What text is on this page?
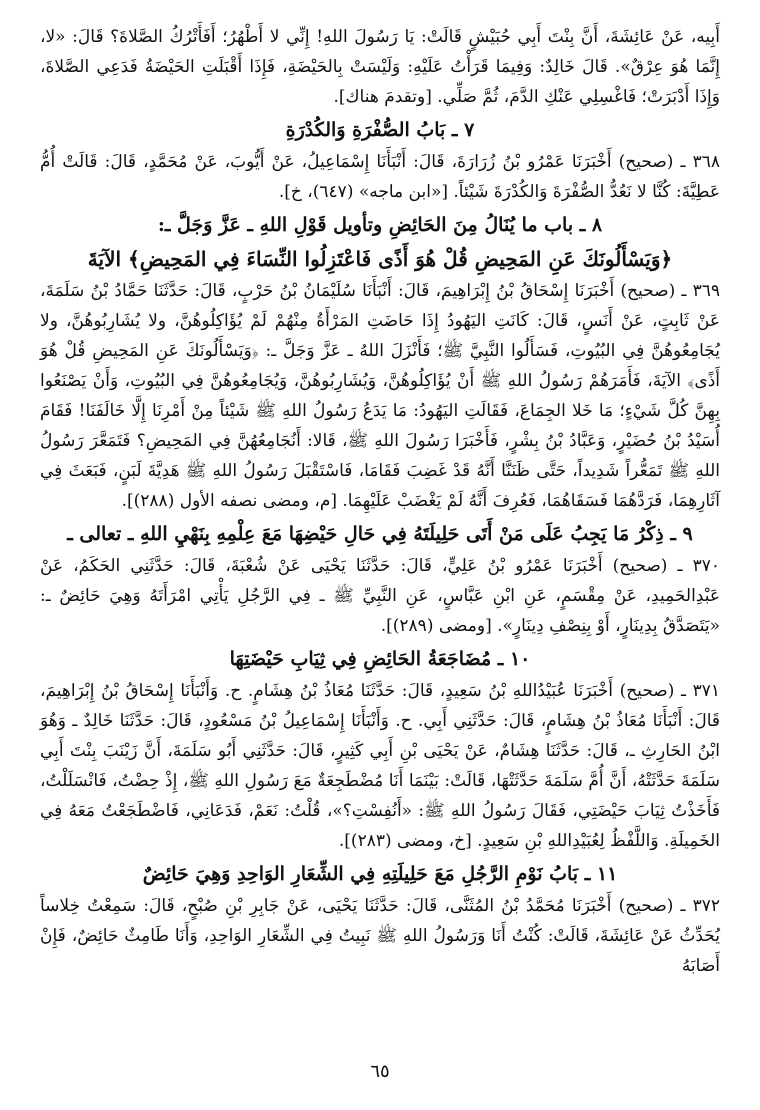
أَبِيه، عَنْ عَائِشَةَ، أَنَّ بِنْتَ أَبِي حُبَيْشٍ قَالَتْ: يَا رَسُولَ اللهِ! إِنِّي لا أَطْهُرُ؛ أَفَأَتْرُكُ الصَّلاةَ؟ قَالَ: «لا، إِنَّمَا هُوَ عِرْقٌ». قَالَ خَالِدٌ: وَفِيمَا قَرَأْتُ عَلَيْهِ: وَلَيْسَتْ بِالحَيْضَةِ، فَإِذَا أَقْبَلَتِ الحَيْضَةُ فَدَعِي الصَّلاةَ، وَإِذَا أَدْبَرَتْ؛ فَاغْسِلِي عَنْكِ الدَّمَ، ثُمَّ صَلِّي. [وتقدمَ هناك].

٧ ـ بَابُ الصُّفْرَةِ وَالكُدْرَةِ

٣٦٨ ـ (صحيح) أَخْبَرَنَا عَمْرُو بْنُ زُرَارَةَ، قَالَ: أَنْبَأَنَا إِسْمَاعِيلُ، عَنْ أَيُّوبَ، عَنْ مُحَمَّدٍ، قَالَ: قَالَتْ أُمُّ عَطِيَّةَ: كُنَّا لا نَعُدُّ الصُّفْرَةَ وَالكُدْرَةَ شَيْئاً. [«ابن ماجه» (٦٤٧)، خ].

٨ ـ باب ما يُنَالُ مِنَ الحَائِضِ وتأويل قَوْلِ اللهِ ـ عَزَّ وَجَلَّ ـ:
﴿وَيَسْأَلُونَكَ عَنِ المَحِيضِ قُلْ هُوَ أَذًى فَاعْتَزِلُوا النِّسَاءَ فِي المَحِيضِ﴾ الآيَةَ

٣٦٩ ـ (صحيح) أَخْبَرَنَا إِسْحَاقُ بْنُ إِبْرَاهِيمَ، قَالَ: أَنْبَأَنَا سُلَيْمَانُ بْنُ حَرْبٍ، قَالَ: حَدَّثَنَا حَمَّادُ بْنُ سَلَمَةَ، عَنْ ثَابِتٍ، عَنْ أَنَسٍ، قَالَ: كَانَتِ اليَهُودُ إِذَا حَاضَتِ المَرْأَةُ مِنْهُمْ لَمْ يُؤَاكِلُوهُنَّ، ولا يُشَارِبُوهُنَّ، ولا يُجَامِعُوهُنَّ فِي البُيُوتِ، فَسَأَلُوا النَّبِيَّ ﷺ؛ فَأَنْزَلَ اللهُ ـ عَزَّ وَجَلَّ ـ: ﴿وَيَسْأَلُونَكَ عَنِ المَحِيضِ قُلْ هُوَ أَذًى﴾ الآيَةَ، فَأَمَرَهُمْ رَسُولُ اللهِ ﷺ أَنْ يُؤَاكِلُوهُنَّ، وَيُشَارِبُوهُنَّ، وَيُجَامِعُوهُنَّ فِي البُيُوتِ، وَأَنْ يَصْنَعُوا بِهِنَّ كُلَّ شَيْءٍ؛ مَا خَلا الجِمَاعَ، فَقَالَتِ اليَهُودُ: مَا يَدَعُ رَسُولُ اللهِ ﷺ شَيْئاً مِنْ أَمْرِنَا إِلَّا خَالَفَنَا! فَقَامَ أُسَيْدُ بْنُ حُضَيْرٍ، وَعَبَّادُ بْنُ بِشْرٍ، فَأَخْبَرَا رَسُولَ اللهِ ﷺ، قَالا: أَنُجَامِعُهُنَّ فِي المَحِيضِ؟ فَتَمَعَّرَ رَسُولُ اللهِ ﷺ تَمَعُّراً شَدِيداً، حَتَّى ظَنَنَّا أَنَّهُ قَدْ غَضِبَ فَقَامَا، فَاسْتَقْبَلَ رَسُولُ اللهِ ﷺ هَدِيَّةَ لَبَنٍ، فَبَعَثَ فِي آثَارِهِمَا، فَرَدَّهُمَا فَسَقَاهُمَا، فَعُرِفَ أَنَّهُ لَمْ يَغْضَبْ عَلَيْهِمَا. [م، ومضى نصفه الأول (٢٨٨)].

٩ ـ ذِكْرُ مَا يَجِبُ عَلَى مَنْ أَتَى حَلِيلَتَهُ فِي حَالِ حَيْضِهَا مَعَ عِلْمِهِ بِنَهْيِ اللهِ ـ تعالى ـ

٣٧٠ ـ (صحيح) أَخْبَرَنَا عَمْرُو بْنُ عَلِيٍّ، قَالَ: حَدَّثَنَا يَحْيَى عَنْ شُعْبَةَ، قَالَ: حَدَّثَنِي الحَكَمُ، عَنْ عَبْدِالحَمِيدِ، عَنْ مِقْسَمٍ، عَنِ ابْنِ عَبَّاسٍ، عَنِ النَّبِيِّ ﷺ ـ فِي الرَّجُلِ يَأْتِي امْرَأَتَهُ وَهِيَ حَائِضٌ ـ: «يَتَصَدَّقُ بِدِينَارٍ، أَوْ بِنِصْفِ دِينَارٍ». [ومضى (٢٨٩)].

١٠ ـ مُضَاجَعَةُ الحَائِضِ فِي ثِيَابِ حَيْضَتِهَا

٣٧١ ـ (صحيح) أَخْبَرَنَا عُبَيْدُاللهِ بْنُ سَعِيدٍ، قَالَ: حَدَّثَنَا مُعَاذُ بْنُ هِشَامٍ. ح. وَأَنْبَأَنَا إِسْحَاقُ بْنُ إِبْرَاهِيمَ، قَالَ: أَنْبَأَنَا مُعَاذُ بْنُ هِشَامٍ، قَالَ: حَدَّثَنِي أَبِي. ح. وَأَنْبَأَنَا إِسْمَاعِيلُ بْنُ مَسْعُودٍ، قَالَ: حَدَّثَنَا خَالِدٌ ـ وَهُوَ ابْنُ الحَارِثِ ـ، قَالَ: حَدَّثَنَا هِشَامٌ، عَنْ يَحْيَى بْنِ أَبِي كَثِيرٍ، قَالَ: حَدَّثَنِي أَبُو سَلَمَةَ، أَنَّ زَيْنَبَ بِنْتَ أَبِي سَلَمَةَ حَدَّثَتْهُ، أَنَّ أُمَّ سَلَمَةَ حَدَّثَتْهَا، قَالَتْ: بَيْنَمَا أَنَا مُضْطَجِعَةٌ مَعَ رَسُولِ اللهِ ﷺ، إِذْ حِضْتُ، فَانْسَلَلْتُ، فَأَخَذْتُ ثِيَابَ حَيْضَتِي، فَقَالَ رَسُولُ اللهِ ﷺ: «أَنُفِسْتِ؟»، قُلْتُ: نَعَمْ، فَدَعَانِي، فَاضْطَجَعْتُ مَعَهُ فِي الخَمِيلَةِ. وَاللَّفْظُ لِعُبَيْدِاللهِ بْنِ سَعِيدٍ. [خ، ومضى (٢٨٣)].

١١ ـ بَابُ نَوْمِ الرَّجُلِ مَعَ حَلِيلَتِهِ فِي الشِّعَارِ الوَاحِدِ وَهِيَ حَائِضٌ

٣٧٢ ـ (صحيح) أَخْبَرَنَا مُحَمَّدُ بْنُ المُثَنَّى، قَالَ: حَدَّثَنَا يَحْيَى، عَنْ جَابِرِ بْنِ صُبْحٍ، قَالَ: سَمِعْتُ خِلاساً يُحَدِّثُ عَنْ عَائِشَةَ، قَالَتْ: كُنْتُ أَنَا وَرَسُولُ اللهِ ﷺ نَبِيتُ فِي الشِّعَارِ الوَاحِدِ، وَأَنَا طَامِثٌ حَائِضٌ، فَإِنْ أَصَابَهُ

٦٥
